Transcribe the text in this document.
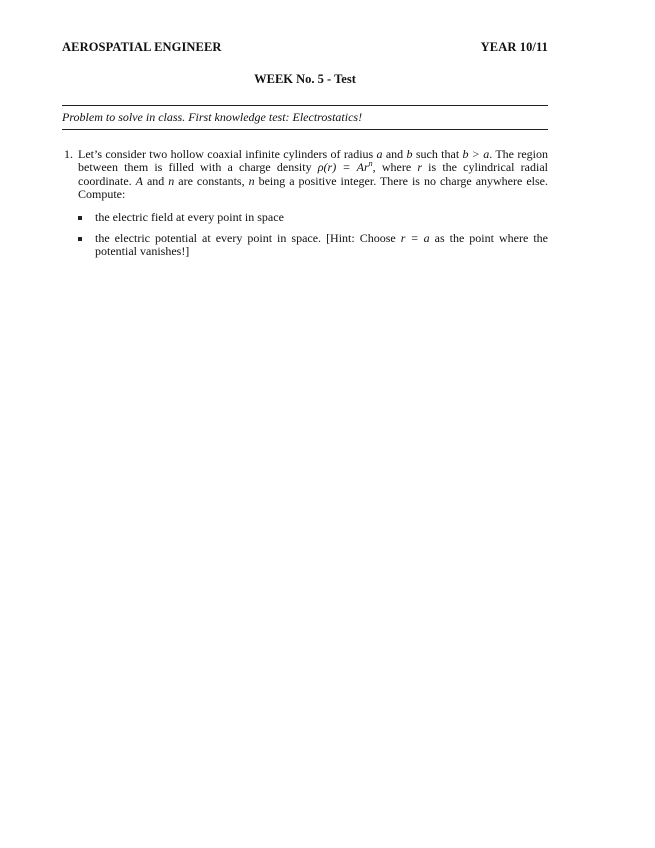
AEROSPATIAL ENGINEER	YEAR 10/11
WEEK No. 5 - Test
Problem to solve in class. First knowledge test: Electrostatics!
1. Let’s consider two hollow coaxial infinite cylinders of radius a and b such that b > a. The region between them is filled with a charge density $\rho(r) = Ar^n$, where r is the cylindrical radial coordinate. A and n are constants, n being a positive integer. There is no charge anywhere else. Compute:

the electric field at every point in space
the electric potential at every point in space. [Hint: Choose r = a as the point where the potential vanishes!]
